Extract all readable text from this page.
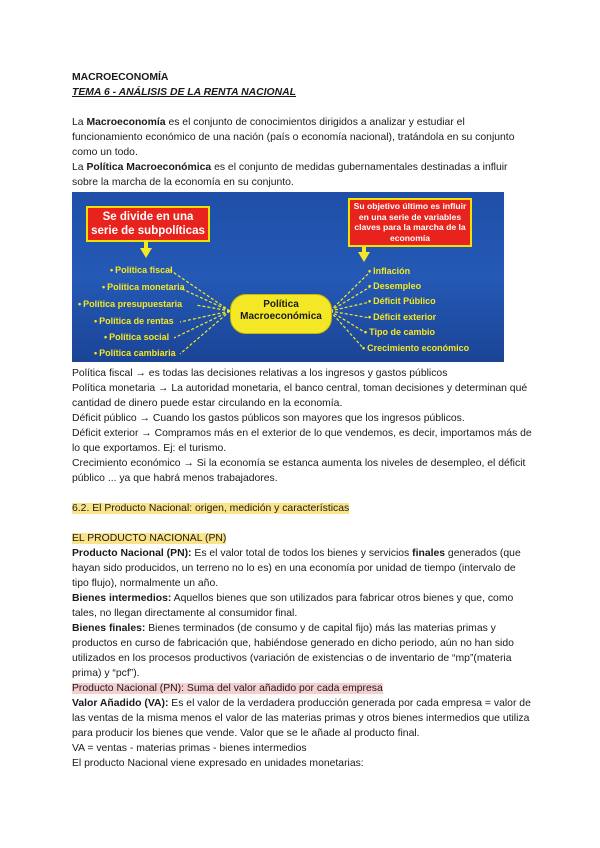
MACROECONOMÍA
TEMA 6 - ANÁLISIS DE LA RENTA NACIONAL

La Macroeconomía es el conjunto de conocimientos dirigidos a analizar y estudiar el funcionamiento económico de una nación (país o economía nacional), tratándola en su conjunto como un todo.

La Política Macroeconómica es el conjunto de medidas gubernamentales destinadas a influir sobre la marcha de la economía en su conjunto.

Se divide en una serie de subpolíticas
Su objetivo último es influir en una serie de variables claves para la marcha de la economía
Política Macroeconómica
• Política fiscal
• Política monetaria
• Política presupuestaria
• Política de rentas
• Política social
• Política cambiaria
• Inflación
• Desempleo
• Déficit Público
• Déficit exterior
• Tipo de cambio
• Crecimiento económico

Política fiscal → es todas las decisiones relativas a los ingresos y gastos públicos

Política monetaria → La autoridad monetaria, el banco central, toman decisiones y determinan qué cantidad de dinero puede estar circulando en la economía.

Déficit público → Cuando los gastos públicos son mayores que los ingresos públicos.

Déficit exterior → Compramos más en el exterior de lo que vendemos, es decir, importamos más de lo que exportamos. Ej: el turismo.

Crecimiento económico → Si la economía se estanca aumenta los niveles de desempleo, el déficit público ... ya que habrá menos trabajadores.

6.2. El Producto Nacional: origen, medición y características

EL PRODUCTO NACIONAL (PN)

Producto Nacional (PN): Es el valor total de todos los bienes y servicios finales generados (que hayan sido producidos, un terreno no lo es) en una economía por unidad de tiempo (intervalo de tipo flujo), normalmente un año.

Bienes intermedios: Aquellos bienes que son utilizados para fabricar otros bienes y que, como tales, no llegan directamente al consumidor final.

Bienes finales: Bienes terminados (de consumo y de capital fijo) más las materias primas y productos en curso de fabricación que, habiéndose generado en dicho periodo, aún no han sido utilizados en los procesos productivos (variación de existencias o de inventario de “mp”(materia prima) y “pcf”).

Producto Nacional (PN): Suma del valor añadido por cada empresa

Valor Añadido (VA): Es el valor de la verdadera producción generada por cada empresa = valor de las ventas de la misma menos el valor de las materias primas y otros bienes intermedios que utiliza para producir los bienes que vende. Valor que se le añade al producto final.

VA = ventas - materias primas - bienes intermedios

El producto Nacional viene expresado en unidades monetarias:
